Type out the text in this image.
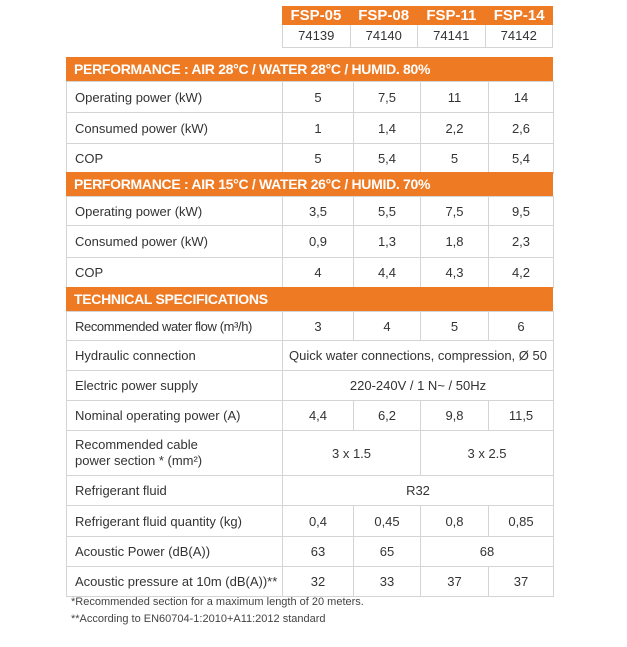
FSP-05	FSP-08	FSP-11	FSP-14
74139	74140	74141	74142
PERFORMANCE : AIR 28°C / WATER 28°C / HUMID. 80%
Operating power (kW)	5	7,5	11	14
Consumed power (kW)	1	1,4	2,2	2,6
COP	5	5,4	5	5,4
PERFORMANCE : AIR 15°C / WATER 26°C / HUMID. 70%
Operating power (kW)	3,5	5,5	7,5	9,5
Consumed power (kW)	0,9	1,3	1,8	2,3
COP	4	4,4	4,3	4,2
TECHNICAL SPECIFICATIONS
Recommended water flow (m³/h)	3	4	5	6
Hydraulic connection	Quick water connections, compression, Ø 50			
Electric power supply	220-240V / 1 N~ / 50Hz			
Nominal operating power (A)	4,4	6,2	9,8	11,5

Recommended cable
power section * (mm²)	3 x 1.5		3 x 2.5	
Refrigerant fluid	R32			
Refrigerant fluid quantity (kg)	0,4	0,45	0,8	0,85
Acoustic Power (dB(A))	63	65	68	
Acoustic pressure at 10m (dB(A))**	32	33	37	37
*Recommended section for a maximum length of 20 meters.
**According to EN60704-1:2010+A11:2012 standard
